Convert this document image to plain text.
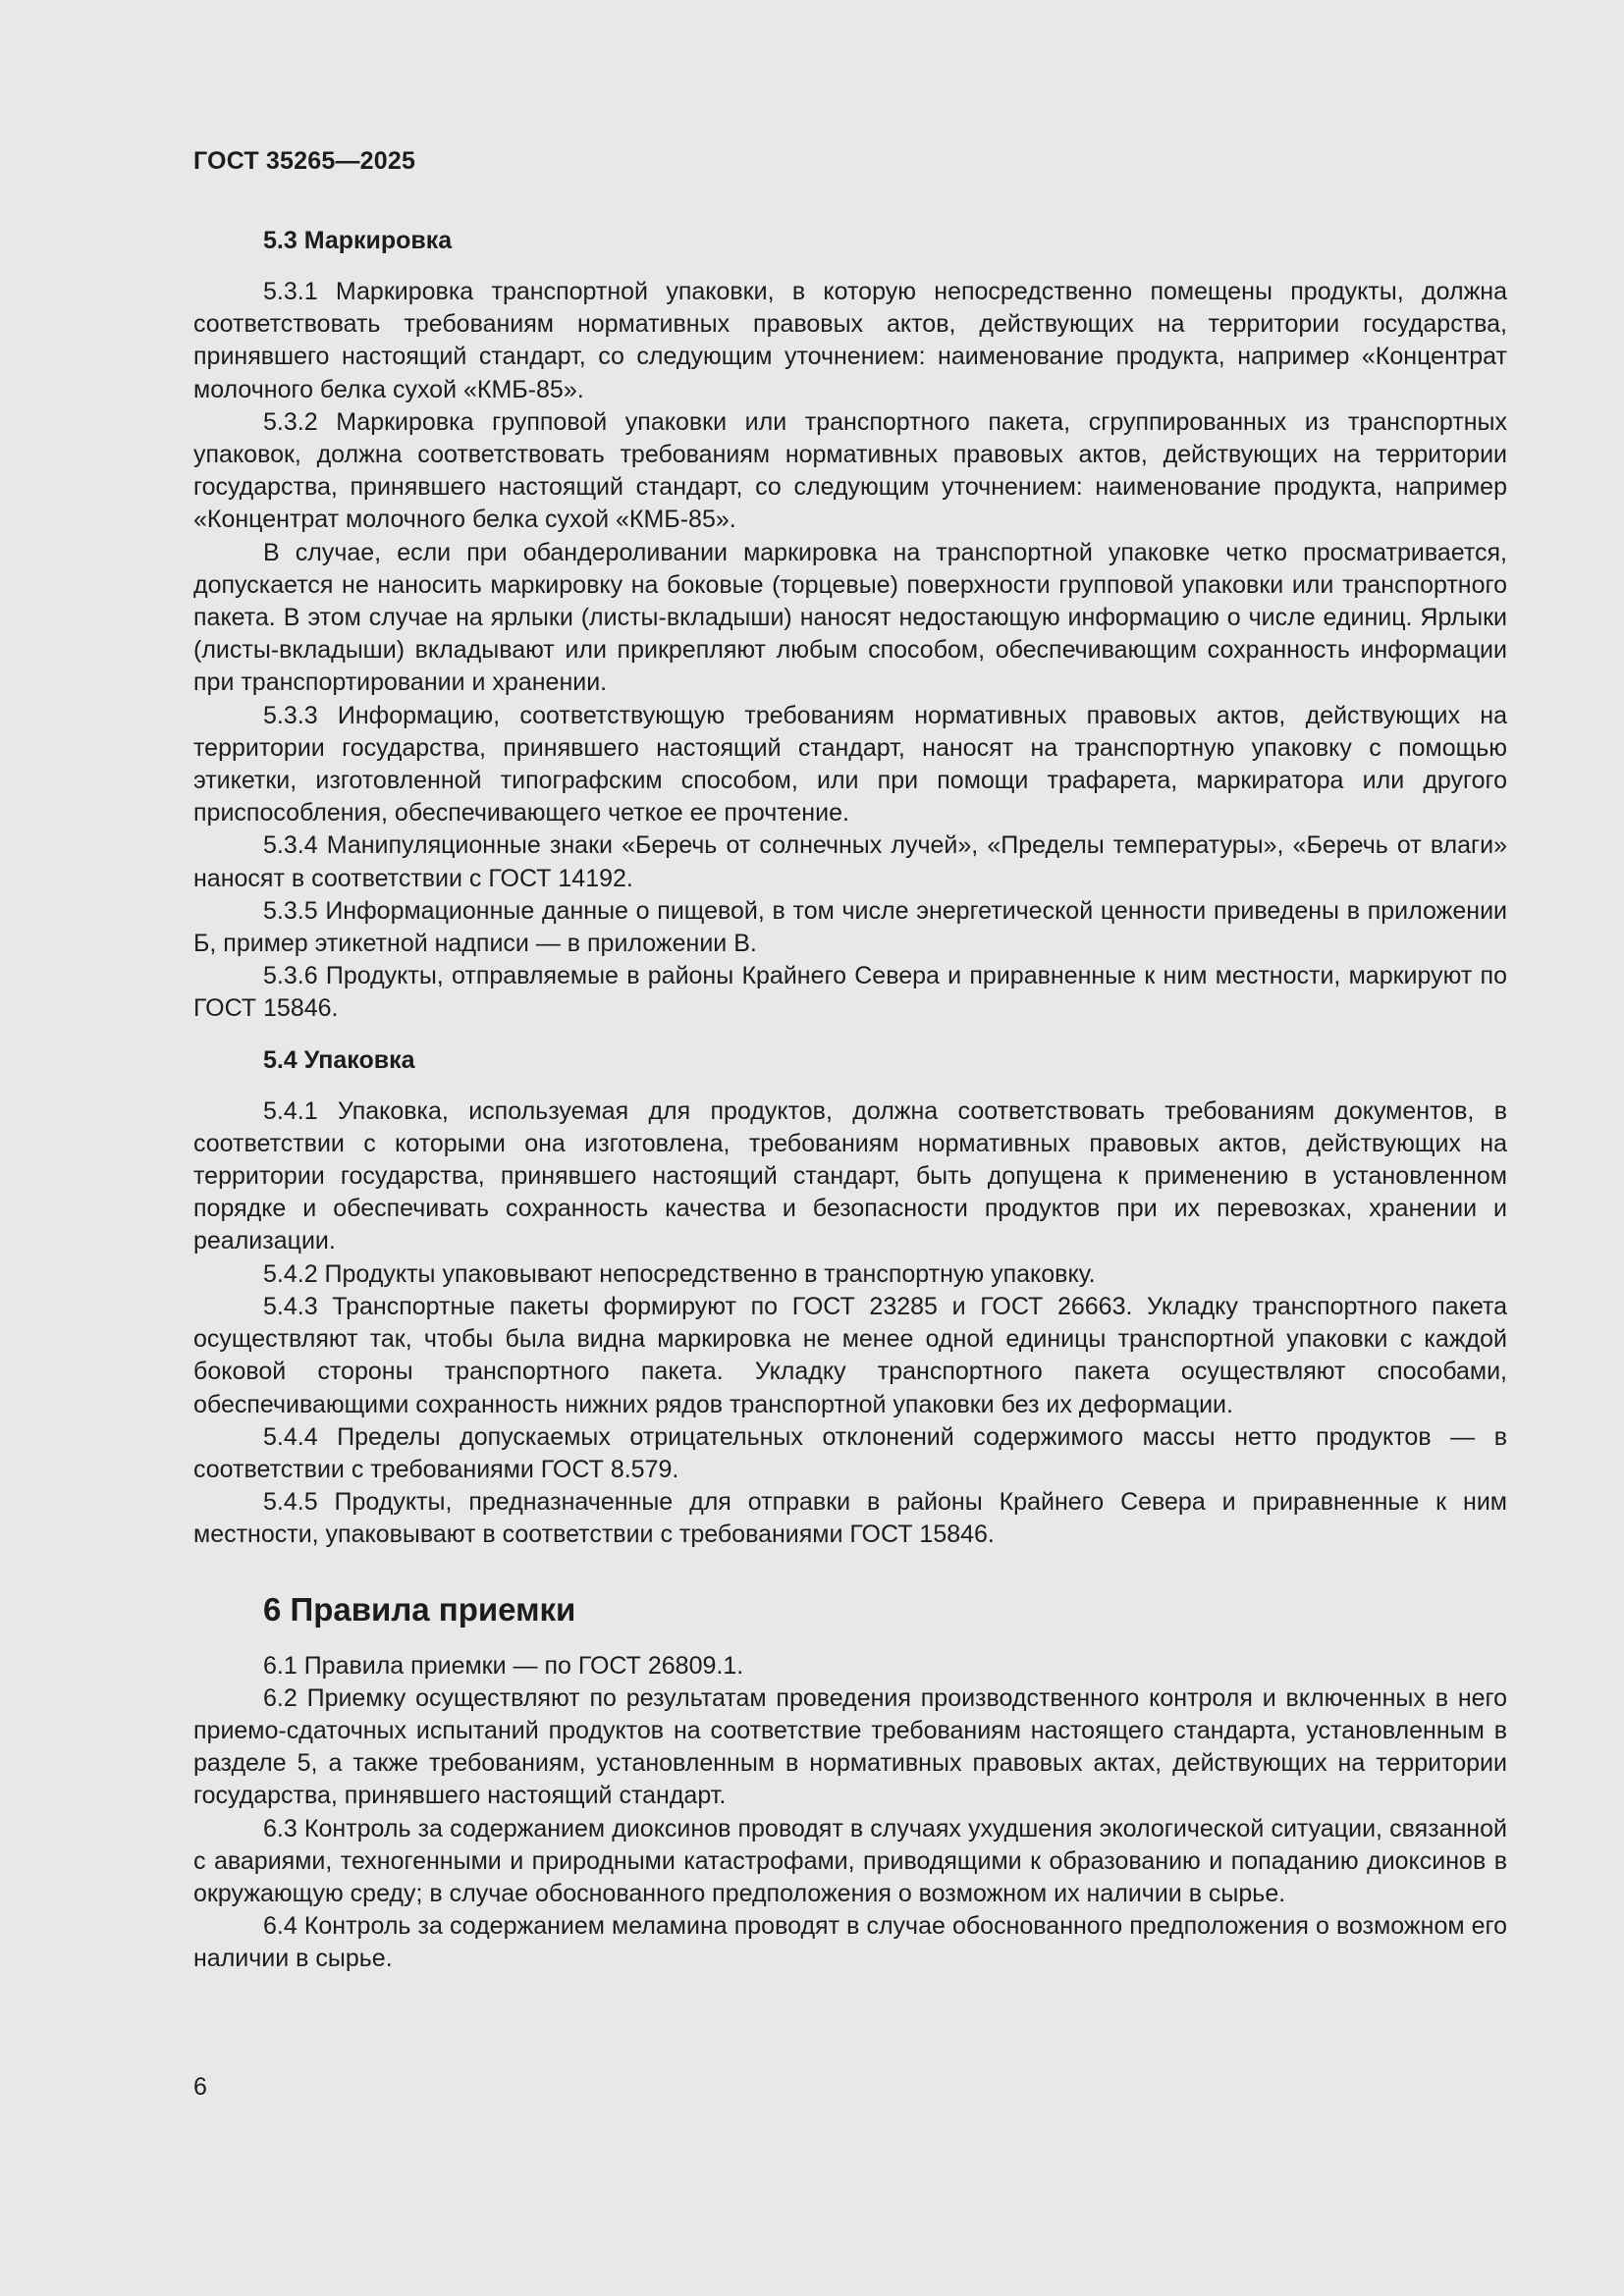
ГОСТ 35265—2025
5.3 Маркировка

5.3.1 Маркировка транспортной упаковки, в которую непосредственно помещены продукты, должна соответствовать требованиям нормативных правовых актов, действующих на территории государства, принявшего настоящий стандарт, со следующим уточнением: наименование продукта, например «Концентрат молочного белка сухой «КМБ-85».

5.3.2 Маркировка групповой упаковки или транспортного пакета, сгруппированных из транспортных упаковок, должна соответствовать требованиям нормативных правовых актов, действующих на территории государства, принявшего настоящий стандарт, со следующим уточнением: наименование продукта, например «Концентрат молочного белка сухой «КМБ-85».

В случае, если при обандероливании маркировка на транспортной упаковке четко просматривается, допускается не наносить маркировку на боковые (торцевые) поверхности групповой упаковки или транспортного пакета. В этом случае на ярлыки (листы-вкладыши) наносят недостающую информацию о числе единиц. Ярлыки (листы-вкладыши) вкладывают или прикрепляют любым способом, обеспечивающим сохранность информации при транспортировании и хранении.

5.3.3 Информацию, соответствующую требованиям нормативных правовых актов, действующих на территории государства, принявшего настоящий стандарт, наносят на транспортную упаковку с помощью этикетки, изготовленной типографским способом, или при помощи трафарета, маркиратора или другого приспособления, обеспечивающего четкое ее прочтение.

5.3.4 Манипуляционные знаки «Беречь от солнечных лучей», «Пределы температуры», «Беречь от влаги» наносят в соответствии с ГОСТ 14192.

5.3.5 Информационные данные о пищевой, в том числе энергетической ценности приведены в приложении Б, пример этикетной надписи — в приложении В.

5.3.6 Продукты, отправляемые в районы Крайнего Севера и приравненные к ним местности, маркируют по ГОСТ 15846.

5.4 Упаковка

5.4.1 Упаковка, используемая для продуктов, должна соответствовать требованиям документов, в соответствии с которыми она изготовлена, требованиям нормативных правовых актов, действующих на территории государства, принявшего настоящий стандарт, быть допущена к применению в установленном порядке и обеспечивать сохранность качества и безопасности продуктов при их перевозках, хранении и реализации.

5.4.2 Продукты упаковывают непосредственно в транспортную упаковку.

5.4.3 Транспортные пакеты формируют по ГОСТ 23285 и ГОСТ 26663. Укладку транспортного пакета осуществляют так, чтобы была видна маркировка не менее одной единицы транспортной упаковки с каждой боковой стороны транспортного пакета. Укладку транспортного пакета осуществляют способами, обеспечивающими сохранность нижних рядов транспортной упаковки без их деформации.

5.4.4 Пределы допускаемых отрицательных отклонений содержимого массы нетто продуктов — в соответствии с требованиями ГОСТ 8.579.

5.4.5 Продукты, предназначенные для отправки в районы Крайнего Севера и приравненные к ним местности, упаковывают в соответствии с требованиями ГОСТ 15846.

6 Правила приемки

6.1 Правила приемки — по ГОСТ 26809.1.

6.2 Приемку осуществляют по результатам проведения производственного контроля и включенных в него приемо-сдаточных испытаний продуктов на соответствие требованиям настоящего стандарта, установленным в разделе 5, а также требованиям, установленным в нормативных правовых актах, действующих на территории государства, принявшего настоящий стандарт.

6.3 Контроль за содержанием диоксинов проводят в случаях ухудшения экологической ситуации, связанной с авариями, техногенными и природными катастрофами, приводящими к образованию и попаданию диоксинов в окружающую среду; в случае обоснованного предположения о возможном их наличии в сырье.

6.4 Контроль за содержанием меламина проводят в случае обоснованного предположения о возможном его наличии в сырье.

6
